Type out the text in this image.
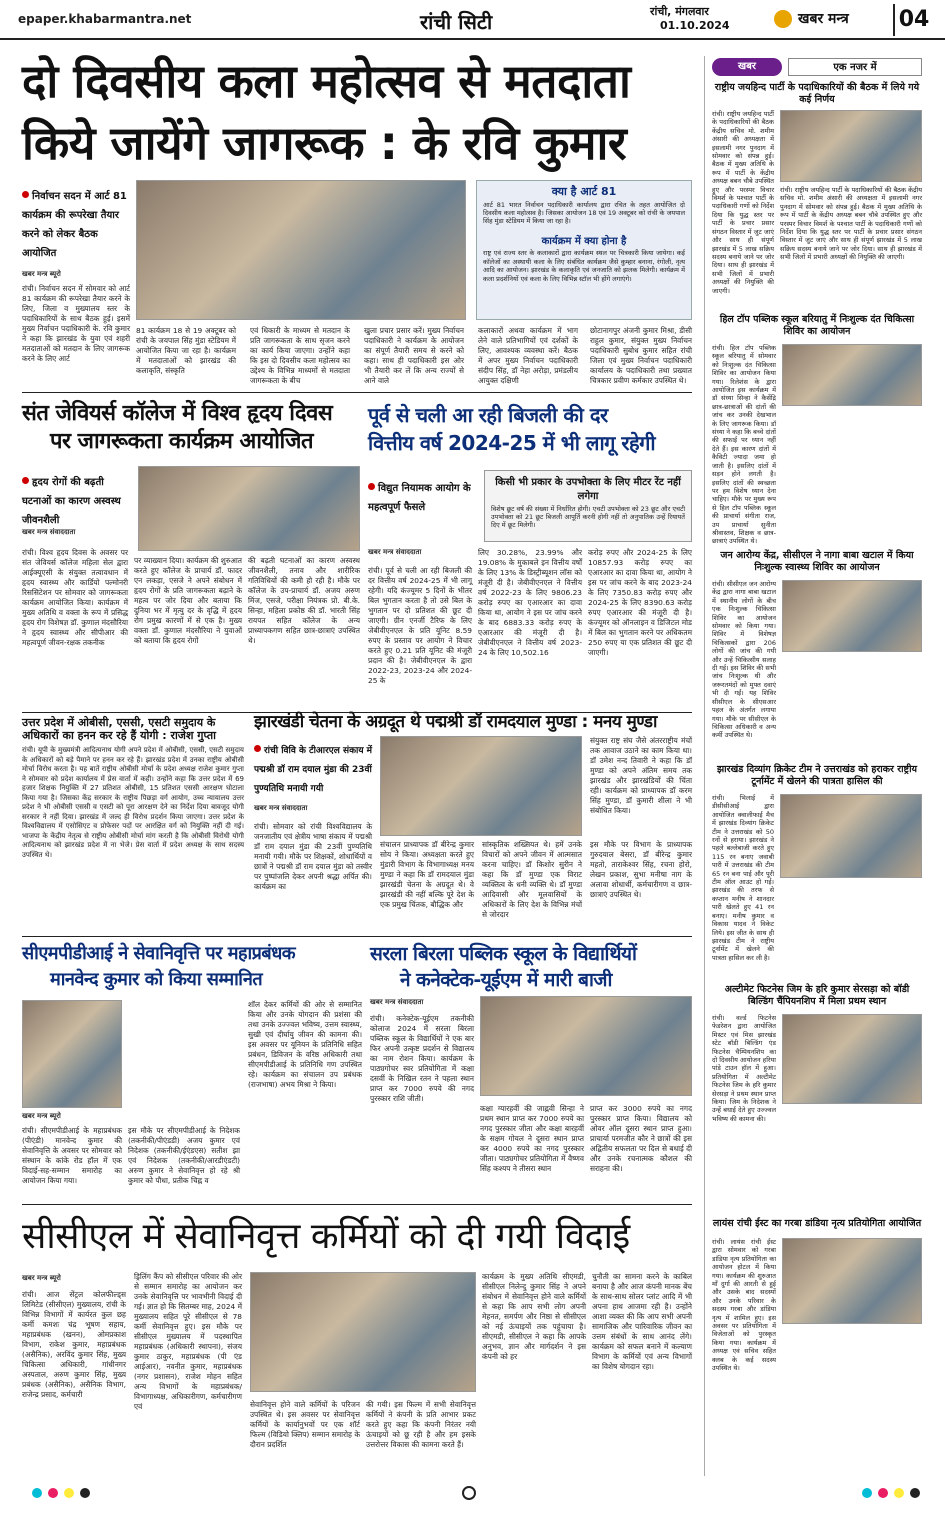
epaper.khabarmantra.net	रांची सिटी	रांची, मंगलवार
01.10.2024	खबर मन्त्र 04
दो दिवसीय कला महोत्सव से मतदाता
किये जायेंगे जागरूक : के रवि कुमार
निर्वाचन सदन में आर्ट 81 कार्यक्रम की रूपरेखा तैयार करने को लेकर बैठक आयोजित
खबर मन्त्र ब्यूरो
रांची। निर्वाचन सदन में सोमवार को आर्ट 81 कार्यक्रम की रूपरेखा तैयार करने के लिए, जिला व मुख्यालय स्तर के पदाधिकारियों के साथ बैठक हुई। इसमें मुख्य निर्वाचन पदाधिकारी के. रवि कुमार ने कहा कि झारखंड के युवा एवं शहरी मतदाताओं को मतदान के लिए जागरूक करने के लिए आर्ट
81 कार्यक्रम 18 से 19 अक्टूबर को रांची के जयपाल सिंह मुंडा स्टेडियम में आयोजित किया जा रहा है। कार्यक्रम में मतदाताओं को झारखंड की कलाकृति, संस्कृति
एवं धिकारी के माध्यम से मतदान के प्रति जागरूकता के साथ सृजन करने का कार्य किया जाएगा। उन्होंने कहा कि इस दो दिवसीय कला महोत्सव का उद्देश्य के विभिन्न माध्यमों से मतदाता जागरूकता के बीच
खुला प्रचार प्रसार करें। मुख्य निर्वाचन पदाधिकारी ने कार्यक्रम के आयोजन का संपूर्ण तैयारी समय से करने को कहा। साथ ही पदाधिकारी इस ओर भी तैयारी कर लें कि अन्य राज्यों से आने वाले
कलाकारों अथवा कार्यक्रम में भाग लेने वाले प्रतिभागियों एवं दर्शकों के लिए, आवश्यक व्यवस्था करें। बैठक में अपर मुख्य निर्वाचन पदाधिकारी संदीप सिंह, डॉ नेहा अरोड़ा, प्रमंडलीय आयुक्त दक्षिणी
छोटानागपुर अंजनी कुमार मिश्रा, डीसी राहुल कुमार, संयुक्त मुख्य निर्वाचन पदाधिकारी सुबोध कुमार सहित रांची जिला एवं मुख्य निर्वाचन पदाधिकारी कार्यालय के पदाधिकारी तथा प्रख्यात चित्रकार प्रवीण कर्मकार उपस्थित थे।
क्या है आर्ट 81
आर्ट 81 भारत निर्वाचन पदाधिकारी कार्यालय द्वारा रचित के तहत आयोजित दो दिवसीय कला महोत्सव है। जिसका आयोजन 18 एवं 19 अक्टूबर को रांची के जयपाल सिंह मुंडा स्टेडियम में किया जा रहा है।
कार्यक्रम में क्या होना है
राष्ट्र एवं राज्य स्तर के कलाकारों द्वारा कार्यक्रम स्थल पर चित्रकारी किया जायेगा। कई कॉलेजों का अस्थायी कला के लिए संबंधित कार्यक्रम जैसे कुम्हार बनाना, रंगोली, नृत्य आदि का आयोजन। झारखंड के कलाकृति एवं जनजाति को झलक मिलेगी। कार्यक्रम में कला प्रदर्शनियों एवं कला के लिए विभिन्न स्टॉल भी होंगे लगाएंगे।
संत जेवियर्स कॉलेज में विश्व हृदय दिवस
पर जागरूकता कार्यक्रम आयोजित
हृदय रोगों की बढ़ती घटनाओं का कारण अस्वस्थ जीवनशैली
खबर मन्त्र संवाददाता
रांची। विश्व हृदय दिवस के अवसर पर संत जेवियर्स कॉलेज महिला सेल द्वारा आईक्यूएसी के संयुक्त तत्वावधान में हृदय स्वास्थ्य और कार्डियो पल्मोनरी रिससिटेशन पर सोमवार को जागरूकता कार्यक्रम आयोजित किया। कार्यक्रम में मुख्य अतिथि व वक्ता के रूप में प्रसिद्ध हृदय रोग विशेषज्ञ डॉ. कुणाल मंदसौरिया ने हृदय स्वास्थ्य और सीपीआर की महत्वपूर्ण जीवन-रक्षक तकनीक
पर व्याख्यान दिया। कार्यक्रम की शुरुआत करते हुए कॉलेज के प्राचार्य डॉ. फादर एन लकड़ा, एसजे ने अपने संबोधन में हृदय रोगों के प्रति जागरूकता बढ़ाने के महत्व पर जोर दिया और बताया कि दुनिया भर में मृत्यु दर के वृद्धि में हृदय रोग प्रमुख कारणों में से एक है। मुख्य वक्ता डॉ. कुणाल मंदसौरिया ने युवाओं को बताया कि हृदय रोगों
की बढ़ती घटनाओं का कारण अस्वस्थ जीवनशैली, तनाव और शारीरिक गतिविधियों की कमी हो रही है। मौके पर कॉलेज के उप-प्राचार्य डॉ. अजय अरुण मिंज, एसजे, परीक्षा नियंत्रक प्रो. बी.के. सिन्हा, महिला प्रकोष्ठ की डॉ. भारती सिंह रायपत सहित कॉलेज के अन्य प्राध्यापकगण सहित छात्र-छात्राएं उपस्थित थे।
पूर्व से चली आ रही बिजली की दर
वित्तीय वर्ष 2024-25 में भी लागू रहेगी
विद्युत नियामक आयोग के महत्वपूर्ण फैसले
किसी भी प्रकार के उपभोक्ता के लिए मीटर रेंट नहीं लगेगा
विशेष छूट वर्ष की संख्या में निर्धारित होगी। एचटी उपभोक्ता को 23 छूट और एचटी उपभोक्ता को 21 छूट बिजली आपूर्ति करनी होगी नहीं तो अनुपातिक उन्हें रियायतें दिए में छूट मिलेगी।
खबर मन्त्र संवाददाता
रांची। पूर्व से चली आ रही बिजली की दर वित्तीय वर्ष 2024-25 में भी लागू रहेगी। यदि कंज्यूमर 5 दिनों के भीतर बिल भुगतान करता है तो उसे बिल के भुगतान पर दो प्रतिशत की छूट दी जाएगी। ग्रीन एनर्जी टैरिफ के लिए जेबीवीएनएल के प्रति यूनिट 8.59 रुपए के प्रस्ताव पर आयोग ने विचार करते हुए 0.21 प्रति यूनिट की मंजूरी प्रदान की है। जेबीवीएनएल के द्वारा 2022-23, 2023-24 और 2024-25 के
लिए 30.28%, 23.99% और 19.08% के मुकाबले इन वित्तीय वर्षों के लिए 13% के डिस्ट्रीब्यूशन लॉस को मंजूरी दी है। जेबीवीएनएल ने वित्तीय वर्ष 2022-23 के लिए 9806.23 करोड़ रुपए का एआरआर का दावा किया था, आयोग ने इस पर जांच करने के बाद 6883.33 करोड़ रुपए के एआरआर की मंजूरी दी है। जेबीवीएनएल ने वित्तीय वर्ष 2023-24 के लिए 10,502.16
करोड़ रुपए और 2024-25 के लिए 10857.93 करोड़ रुपए का एआरआर का दावा किया था, आयोग ने इस पर जांच करने के बाद 2023-24 के लिए 7350.83 करोड़ रुपए और 2024-25 के लिए 8390.63 करोड़ रुपए एआरआर की मंजूरी दी है। कंज्यूमर को ऑनलाइन व डिजिटल मोड में बिल का भुगतान करने पर अधिकतम 250 रुपए या एक प्रतिशत की छूट दी जाएगी।
उत्तर प्रदेश में ओबीसी, एससी, एसटी समुदाय के अधिकारों का हनन कर रहे हैं योगी : राजेश गुप्ता
रांची। यूपी के मुख्यमंत्री आदित्यनाथ योगी अपने प्रदेश में ओबीसी, एससी, एसटी समुदाय के अधिकारों को बड़े पैमाने पर हनन कर रहे हैं। झारखंड प्रदेश में उनका राष्ट्रीय ओबीसी मोर्चा विरोध करता है। यह बातें राष्ट्रीय ओबीसी मोर्चा के प्रदेश अध्यक्ष राजेश कुमार गुप्ता ने सोमवार को प्रदेश कार्यालय में प्रेस वार्ता में कही। उन्होंने कहा कि उत्तर प्रदेश में 69 हजार शिक्षक नियुक्ति में 27 प्रतिशत ओबीसी, 15 प्रतिशत एससी आरक्षण घोटाला किया गया है। जिसका केंद्र सरकार के राष्ट्रीय पिछड़ा वर्ग आयोग, उच्च न्यायालय उत्तर प्रदेश ने भी ओबीसी एससी व एसटी को पूरा आरक्षण देने का निर्देश दिया बावजूद योगी सरकार ने नहीं दिया। झारखंड में जल्द ही विरोध प्रदर्शन किया जाएगा। उत्तर प्रदेश के विश्वविद्यालय में एसोसिएट व प्रोफेसर पदों पर आरक्षित वर्ग को नियुक्ति नहीं दी गई। भाजपा के केंद्रीय नेतृत्व से राष्ट्रीय ओबीसी मोर्चा मांग करती है कि ओबीसी विरोधी योगी आदित्यनाथ को झारखंड प्रदेश में ना भेजे। प्रेस वार्ता में प्रदेश अध्यक्ष के साथ सदस्य उपस्थित थे।
झारखंडी चेतना के अग्रदूत थे पद्मश्री डॉ रामदयाल मुण्डा : मनय मुण्डा
रांची विवि के टीआरएल संकाय में पद्मश्री डॉ राम दयाल मुंडा की 23वीं पुण्यतिथि मनायी गयी
खबर मन्त्र संवाददाता
रांची। सोमवार को रांची विश्वविद्यालय के जनजातीय एवं क्षेत्रीय भाषा संकाय में पद्मश्री डॉ राम दयाल मुंडा की 23वीं पुण्यतिथि मनायी गयी। मौके पर शिक्षकों, शोधार्थियों व छात्रों ने पद्मश्री डॉ राम दयाल मुंडा को तस्वीर पर पुष्पांजलि देकर अपनी श्रद्धा अर्पित की। कार्यक्रम का
संचालन प्राध्यापक डॉ बीरेन्द्र कुमार सोय ने किया। अध्यक्षता करते हुए मुंडारी विभाग के विभागाध्यक्ष मनय मुण्डा ने कहा कि डॉ रामदयाल मुंडा झारखंडी चेतना के अग्रदूत थे। वे झारखंडी की नहीं बल्कि पूरे देश के एक प्रमुख चिंतक, बौद्धिक और
सांस्कृतिक शख्सियत थे। हमें उनके विचारों को अपने जीवन में आत्मसात करना चाहिए। डॉ किशोर सुरीन ने कहा कि डॉ मुण्डा एक विराट व्यक्तित्व के धनी व्यक्ति थे। डॉ मुण्डा आदिवासी और मूलवासियों के अधिकारों के लिए देश के विभिन्न मंचों से जोरदार
संयुक्त राष्ट्र संघ जैसे अंतरराष्ट्रीय मंचों तक आवाज उठाने का काम किया था। डॉ उमेश नन्द तिवारी ने कहा कि डॉ मुण्डा को अपने अंतिम समय तक झारखंड और झारखंडियों की चिंता रही। कार्यक्रम को प्राध्यापक डॉ करम सिंह मुण्डा, डॉ कुमारी शीला ने भी संबोधित किया।
इस मौके पर विभाग के प्राध्यापक गुरुदयाल बेसरा, डॉ बीरेन्द्र कुमार महतो, ताराकेश्वर सिंह, रचना होरो, लेखन प्रकाश, सुभा मनीषा नाग के अलावा शोधार्थी, कर्मचारीगण व छात्र-छात्राएं उपस्थित थे।
सीएमपीडीआई ने सेवानिवृत्ति पर महाप्रबंधक
मानवेन्द कुमार को किया सम्मानित
खबर मन्त्र ब्यूरो
रांची। सीएमपीडीआई के महाप्रबंधक (पीएंडी) मानवेन्द कुमार की सेवानिवृत्ति के अवसर पर सोमवार को संस्थान के कांके रोड हॉल में एक विदाई-सह-सम्मान समारोह का आयोजन किया गया।
इस मौके पर सीएमपीडीआई के निदेशक (तकनीकी/पीएंडडी) अजय कुमार एवं निदेशक (तकनीकी/ईएंडएस) सतीश झा एवं निदेशक (तकनीकी/आरडीएंडटी) अरुण कुमार ने सेवानिवृत्त हो रहे श्री कुमार को पौधा, प्रतीक चिह्न व
शॉल देकर कर्मियों की ओर से सम्मानित किया और उनके योगदान की प्रशंसा की तथा उनके उज्ज्वल भविष्य, उत्तम स्वास्थ्य, सुखी एवं दीर्घायु जीवन की कामना की। इस अवसर पर यूनियन के प्रतिनिधि सहित प्रबंधन, डिविजन के वरिष्ठ अधिकारी तथा सीएमपीडीआई के प्रतिनिधि गण उपस्थित रहे। कार्यक्रम का संचालन उप प्रबंधक (राजभाषा) अभय मिश्रा ने किया।
सरला बिरला पब्लिक स्कूल के विद्यार्थियों
ने कनेक्टेक-यूईएम में मारी बाजी
खबर मन्त्र संवाददाता
रांची। कनेक्टेक-यूईएम तकनीकी कोलाज 2024 में सरला बिरला पब्लिक स्कूल के विद्यार्थियों ने एक बार फिर अपनी उत्कृष्ट प्रदर्शन से विद्यालय का नाम रोशन किया। कार्यक्रम के पाठ्यगोचर स्वर प्रतियोगिता में कक्षा दसवीं के निखिल रतन ने पहला स्थान प्राप्त कर 7000 रुपये की नगद पुरस्कार राशि जीती।
कक्षा ग्यारहवीं की जाह्नवी सिन्हा ने प्रथम स्थान प्राप्त कर 7000 रुपये का नगद पुरस्कार जीता और कक्षा बारहवीं के सक्षम गोयल ने दूसरा स्थान प्राप्त कर 4000 रुपये का नगद पुरस्कार जीता। पाठ्यगोचर प्रतियोगिता में वैष्णव सिंह कश्यप ने तीसरा स्थान
प्राप्त कर 3000 रुपये का नगद पुरस्कार प्राप्त किया। विद्यालय को ओवर ऑल दूसरा स्थान प्राप्त हुआ। प्राचार्या परमजीत कौर ने छात्रों की इस अद्वितीय सफलता पर दिल से बधाई दी और उनके रचनात्मक कौशल की सराहना की।
सीसीएल में सेवानिवृत्त कर्मियों को दी गयी विदाई
खबर मन्त्र ब्यूरो
रांची। आज सेंट्रल कोलफील्ड्स लिमिटेड (सीसीएल) मुख्यालय, रांची के विभिन्न विभागों में कार्यरत कुल छह कर्मी कमशः चंद्र भूषण सहाय, महाप्रबंधक (खनन), ओमप्रकाश विभाग, राकेश कुमार, महाप्रबंधक (असैनिक), अरविंद कुमार सिंह, मुख्य चिकित्सा अधिकारी, गांधीनगर अस्पताल, अरुण कुमार सिंह, मुख्य प्रबंधक (असैनिक), असैनिक विभाग, राजेन्द्र प्रसाद, कर्मचारी
ड्रिलिंग कैंप को सीसीएल परिवार की ओर से सम्मान समारोह का आयोजन कर उनके सेवानिवृत्ति पर भावभीनी विदाई दी गई। ज्ञात हो कि सितम्बर माह, 2024 में मुख्यालय सहित पूरे सीसीएल से 78 कर्मी सेवानिवृत्त हुए। इस मौके पर सीसीएल मुख्यालय में पदस्थापित महाप्रबंधक (अधिकारी स्थापना), संजय कुमार ठाकुर, महाप्रबंधक (पी एंड आईआर), नवनीत कुमार, महाप्रबंधक (नगर प्रशासन), राजेश मोहन सहित अन्य विभागों के महाप्रबंधक/विभागाध्यक्ष, अधिकारीगण, कर्मचारीगण एवं	सेवानिवृत्त होने वाले कर्मियों के परिजन उपस्थित थे। इस अवसर पर सेवानिवृत्त कर्मियों के कार्यानुभवों पर एक शॉर्ट फिल्म (विडियो क्लिप) सम्मान समारोह के दौरान प्रदर्शित
की गयी। इस फिल्म में सभी सेवानिवृत्त कर्मियों ने कंपनी के प्रति आभार प्रकट करते हुए कहा कि कंपनी निरंतर नयी ऊंचाइयों को छू रही है और हम इसके उत्तरोत्तर विकास की कामना करते हैं।
कार्यक्रम के मुख्य अतिथि सीएमडी, सीसीएल निलेन्दु कुमार सिंह ने अपने संबोधन में सेवानिवृत्त होने वाले कर्मियों से कहा कि आप सभी लोग अपनी मेहनत, समर्पण और निष्ठा से सीसीएल को नई ऊंचाइयों तक पहुंचाया है। सीएमडी, सीसीएल ने कहा कि आपके अनुभव, ज्ञान और मार्गदर्शन ने इस कंपनी को हर
चुनौती का सामना करने के काबिल बनाया है और आज कंपनी मानक बेंच के साथ-साथ सोलर प्लांट आदि में भी अपना हाथ आजमा रही है। उन्होंने आशा व्यक्त की कि आप सभी अपनी सामाजिक और पारिवारिक जीवन का उत्तम संबंधों के साथ आनंद लेंगे। कार्यक्रम को सफल बनाने में कल्याण विभाग के कर्मियों एवं अन्य विभागों का विशेष योगदान रहा।
खबर	एक नजर में
राष्ट्रीय जयहिन्द पार्टी के पदाधिकारियों की बैठक में लिये गये कई निर्णय
रांची। राष्ट्रीय जयहिन्द पार्टी के पदाधिकारियों की बैठक केंद्रीय सचिव मो. शमीम अंसारी की अध्यक्षता में इसलामी नगर पुनदाग में सोमवार को संपन्न हुई। बैठक में मुख्य अतिथि के रूप में पार्टी के केंद्रीय अध्यक्ष बबन चौबे उपस्थित हुए और परस्पर विचार विमर्श के पश्चात पार्टी के पदाधिकारी गणों को निर्देश दिया कि युद्ध स्तर पर पार्टी के प्रचार प्रसार संगठन विस्तार में जुट जाएं और साथ ही संपूर्ण झारखंड में 5 लाख सक्रिय सदस्य बनाये जाने पर जोर दिया। साथ ही झारखंड में सभी जिलों में प्रभारी अध्यक्षों की नियुक्ति की जाएगी।
रांची। राष्ट्रीय जयहिन्द पार्टी के पदाधिकारियों की बैठक केंद्रीय सचिव मो. शमीम अंसारी की अध्यक्षता में इसलामी नगर पुनदाग में सोमवार को संपन्न हुई। बैठक में मुख्य अतिथि के रूप में पार्टी के केंद्रीय अध्यक्ष बबन चौबे उपस्थित हुए और परस्पर विचार विमर्श के पश्चात पार्टी के पदाधिकारी गणों को निर्देश दिया कि युद्ध स्तर पर पार्टी के प्रचार प्रसार संगठन विस्तार में जुट जाएं और साथ ही संपूर्ण झारखंड में 5 लाख सक्रिय सदस्य बनाये जाने पर जोर दिया। साथ ही झारखंड में सभी जिलों में प्रभारी अध्यक्षों की नियुक्ति की जाएगी।
हिल टॉप पब्लिक स्कूल बरियातु में निःशुल्क दंत चिकित्सा शिविर का आयोजन
रांची। हिल टॉप पब्लिक स्कूल बरियातु में सोमवार को निःशुल्क दंत चिकित्सा शिविर का आयोजन किया गया। रिलेशंस के द्वारा आयोजित इस कार्यक्रम में डॉ संध्या सिन्हा ने कैसेंद्रि छात्र-छात्राओं की दांतों की जांच कर उनकी देखभाल के लिए जागरूक किया। डॉ संध्या ने कहा कि बच्चे दांतों की सफाई पर ध्यान नहीं देते हैं। इस कारण दांतों में कैविटी ज्यादा जमा हो जाती है। इसलिए दांतों में सड़न होने लगती है। इसलिए दांतों की स्वच्छता पर हम विशेष ध्यान देना चाहिए। मौके पर मुख्य रूप से हिल टॉप पब्लिक स्कूल की प्राचार्या संगीता राज, उप प्राचार्या सुनीता श्रीवास्तव, शिक्षक व छात्र-छात्राएं उपस्थित थे।
जन आरोग्य केंद्र, सीसीएल ने नागा बाबा खटाल में किया निःशुल्क स्वास्थ्य शिविर का आयोजन
रांची। सीसीएल जन आरोग्य केंद्र द्वारा नागा बाबा खटाल में स्थानीय लोगों के बीच एक निःशुल्क चिकित्सा शिविर का आयोजन सोमवार को किया गया। शिविर में विशेषज्ञ चिकित्सकों द्वारा 206 लोगों की जांच की गयी और उन्हें चिकित्सीय सलाह दी गई। इस शिविर की सभी जांच निःशुल्क थी और जरूरतमंदों को मुफ्त दवाएं भी दी गईं। यह शिविर सीसीएल के सीएसआर पहल के अंतर्गत लगाया गया। मौके पर सीसीएल के चिकित्सा अधिकारी व अन्य कर्मी उपस्थित थे।
झारखंड दिव्यांग क्रिकेट टीम ने उत्तराखंड को हराकर राष्ट्रीय टूर्नामेंट में खेलने की पात्रता हासिल की
रांची। भिलाई में डीसीसीआई द्वारा आयोजित क्वालीफाई मैच में झारखंड दिव्यांग क्रिकेट टीम ने उत्तराखंड को 50 रनों से हराया। झारखंड ने पहले बल्लेबाजी करते हुए 115 रन बनाए जवाबी पारी में उत्तराखंड की टीम 65 रन बना पाई और पूरी टीम ऑल आउट हो गई। झारखंड की तरफ से कप्तान मनीष ने शानदार पारी खेलते हुए 41 रन बनाए। मनीष कुमार व विकास यादव ने विकेट लिये। इस जीत के साथ ही झारखंड टीम ने राष्ट्रीय टूर्नामेंट में खेलने की पात्रता हासिल कर ली है।
अल्टीमेट फिटनेस जिम के हरि कुमार सेरसड़ा को बॉडी बिल्डिंग चैंपियनशिप में मिला प्रथम स्थान
रांची। वर्ल्ड फिटनेस फेडरेशन द्वारा आयोजित मिस्टर एवं मिस झारखंड स्टेट बॉडी बिल्डिंग एंड फिटनेस चैम्पियनशिप का दो दिवसीय आयोजन हरिया पांडे टाउन हॉल में हुआ। प्रतियोगिता में अल्टीमेट फिटनेस जिम के हरि कुमार सेरसड़ा ने प्रथम स्थान प्राप्त किया। जिम के निदेशक ने उन्हें बधाई देते हुए उज्ज्वल भविष्य की कामना की।
लायंस रांची ईस्ट का गरबा डांडिया नृत्य प्रतियोगिता आयोजित
रांची। लायंस रांची ईस्ट द्वारा सोमवार को गरबा डांडिया नृत्य प्रतियोगिता का आयोजन होटल में किया गया। कार्यक्रम की शुरुआत माँ दुर्गा की आरती से हुई और उसके बाद सदस्यों और उनके परिवार के सदस्य गरबा और डांडिया नृत्य में शामिल हुए। इस अवसर पर प्रतियोगिता में विजेताओं को पुरस्कृत किया गया। कार्यक्रम में अध्यक्ष एवं सचिव सहित क्लब के कई सदस्य उपस्थित थे।
